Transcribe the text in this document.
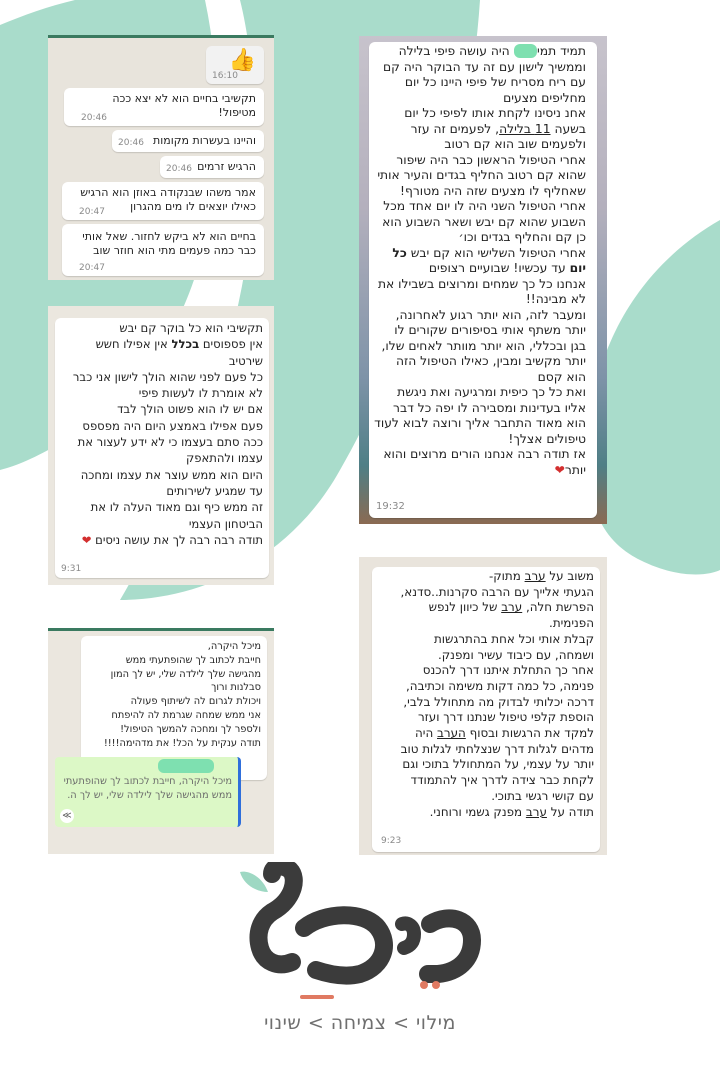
👍
16:10
תקשיבי בחיים הוא לא יצא ככה
מטיפול!
20:46
והיינו בעשרות מקומות
20:46
הרגיש זרמים
20:46
אמר משהו שבנקודה באוזן הוא הרגיש
כאילו יוצאים לו מים מהגרון
20:47
בחיים הוא לא ביקש לחזור. שאל אותי
כבר כמה פעמים מתי הוא חוזר שוב
20:47
תמיד תמי       היה עושה פיפי בלילה
וממשיך לישון עם זה עד הבוקר היה קם
עם ריח מסריח של פיפי היינו כל יום
מחליפים מצעים
אחנ ניסינו לקחת אותו לפיפי כל יום
בשעה 11 בלילה, לפעמים זה עזר
ולפעמים שוב הוא קם רטוב
אחרי הטיפול הראשון כבר היה שיפור
שהוא קם רטוב החליף בגדים והעיר אותי
שאחליף לו מצעים שזה היה מטורף!
אחרי הטיפול השני היה לו יום אחד מכל
השבוע שהוא קם יבש ושאר השבוע הוא
כן קם והחליף בגדים וכו׳
אחרי הטיפול השלישי הוא קם יבש כל
יום עד עכשיו! שבועיים רצופים
אנחנו כל כך שמחים ומרוצים בשבילו את
לא מבינה!!
ומעבר לזה, הוא יותר רגוע לאחרונה,
יותר משתף אותי בסיפורים שקורים לו
בגן ובכללי, הוא יותר מוותר לאחים שלו,
יותר מקשיב ומבין, כאילו הטיפול הזה
הוא קסם
ואת כל כך כיפית ומרגיעה ואת ניגשת
אליו בעדינות ומסבירה לו יפה כל דבר
הוא מאוד התחבר אליך ורוצה לבוא לעוד
טיפולים אצלך!
אז תודה רבה אנחנו הורים מרוצים והוא
יותר❤
19:32
תקשיבי הוא כל בוקר קם יבש
אין פספוסים בכלל אין אפילו חשש
שירטיב
כל פעם לפני שהוא הולך לישון אני כבר
לא אומרת לו לעשות פיפי
אם יש לו הוא פשוט הולך לבד
פעם אפילו באמצע היום היה מפספס
ככה סתם בעצמו כי לא ידע לעצור את
עצמו ולהתאפק
היום הוא ממש עוצר את עצמו ומחכה
עד שמגיע לשירותים
זה ממש כיף וגם מאוד העלה לו את
הביטחון העצמי
תודה רבה רבה לך את עושה ניסים ❤
9:31	משוב על ערב מתוק-
הגעתי אלייך עם הרבה סקרנות..סדנא,
הפרשת חלה, ערב של כיוון לנפש
הפנימית.
קבלת אותי וכל אחת בהתרגשות
ושמחה, עם כיבוד עשיר ומפנק.
אחר כך התחלת איתנו דרך להכנס
פנימה, כל כמה דקות משימה וכתיבה,
דרכה יכלותי לבדוק מה מתחולל בלבי,
הוספת קלפי טיפול שנתנו דרך ועזר
למקד את הרגשות ובסוף הערב היה
מדהים לגלות דרך שנצלחתי לגלות טוב
יותר על עצמי, על המתחולל בתוכי וגם
לקחת כבר צידה לדרך איך להתמודד
עם קושי רגשי בתוכי.
תודה על ערב מפנק גשמי ורוחני.
9:23
מיכל היקרה,
חייבת לכתוב לך שהופתעתי ממש
מהגישה שלך לילדה שלי, יש לך המון
סבלנות ורוך
ויכולת לגרום לה לשיתוף פעולה
אני ממש שמחה שגרמת לה להיפתח
ולספר לך ומחכה להמשך הטיפול!
תודה ענקית על הכל! את מדהימה!!!!
מיכל היקרה, חייבת לכתוב לך שהופתעתי ממש מהגישה שלך לילדה שלי, יש לך ה.
≪
מילוי > צמיחה > שינוי
